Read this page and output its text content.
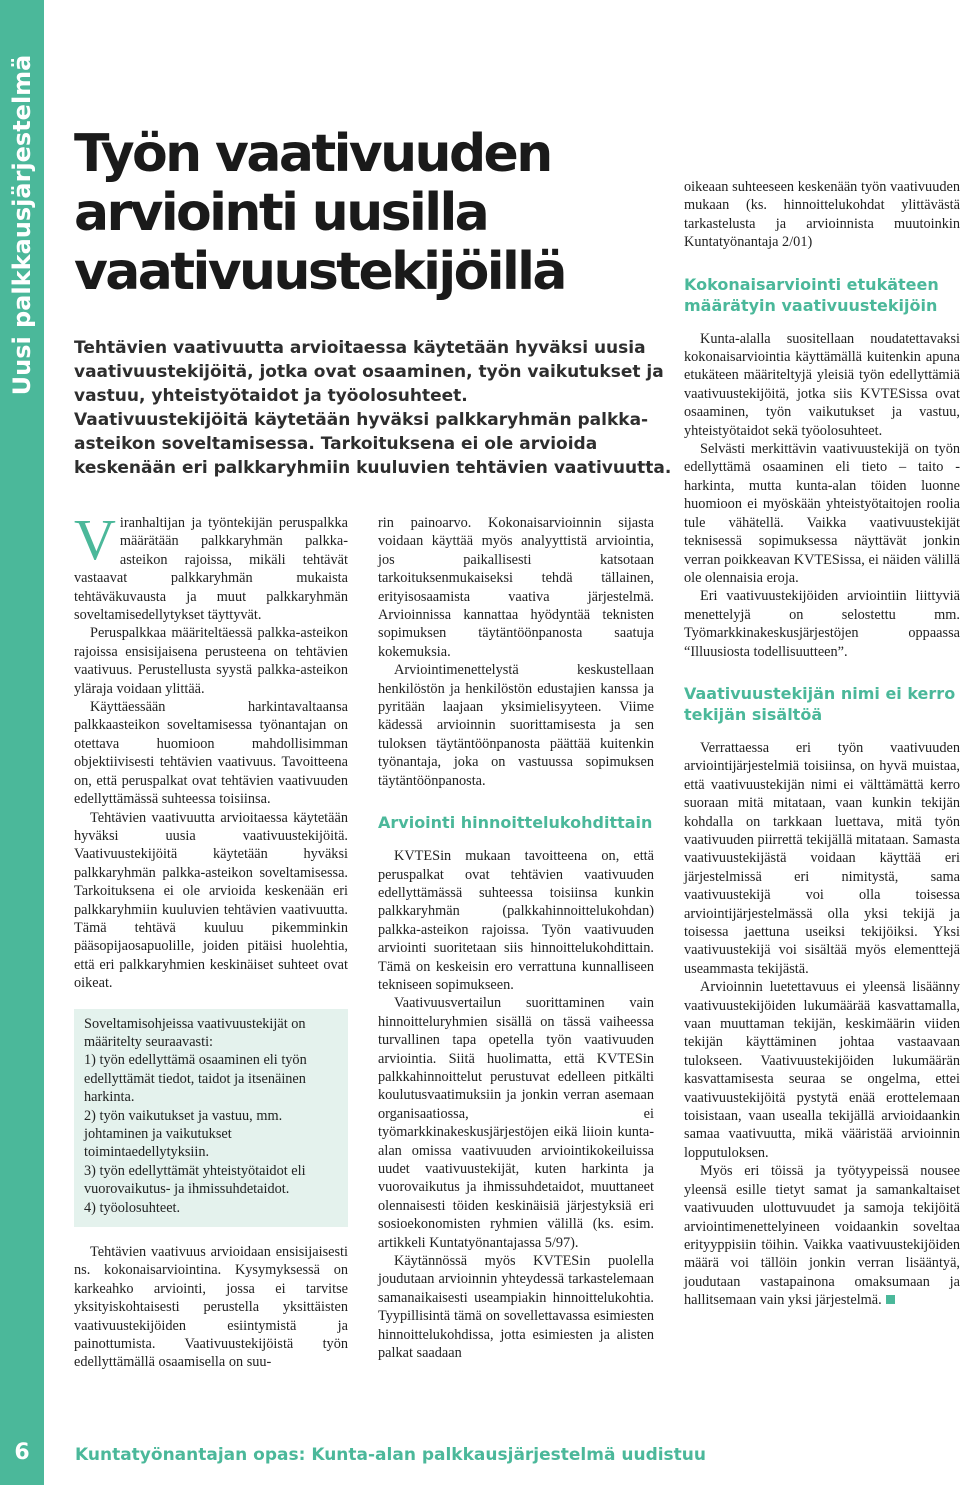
Uusi palkkausjärjestelmä
6
Työn vaativuuden arviointi uusilla vaativuustekijöillä
Tehtävien vaativuutta arvioitaessa käytetään hyväksi uusia
vaativuustekijöitä, jotka ovat osaaminen, työn vaikutukset ja
vastuu, yhteistyötaidot ja työolosuhteet.
Vaativuustekijöitä käytetään hyväksi palkkaryhmän palkka-
asteikon soveltamisessa. Tarkoituksena ei ole arvioida
keskenään eri palkkaryhmiin kuuluvien tehtävien vaativuutta.

Viranhaltijan ja työntekijän peruspalkka määrätään palkkaryhmän palkka-asteikon rajoissa, mikäli tehtävät vastaavat palkkaryhmän mukaista tehtäväkuvausta ja muut palkkaryhmän soveltamisedellytykset täyttyvät.

Peruspalkkaa määriteltäessä palkka-asteikon rajoissa ensisijaisena perusteena on tehtävien vaativuus. Perustellusta syystä palkka-asteikon yläraja voidaan ylittää.

Käyttäessään harkintavaltaansa palkkaasteikon soveltamisessa työnantajan on otettava huomioon mahdollisimman objektiivisesti tehtävien vaativuus. Tavoitteena on, että peruspalkat ovat tehtävien vaativuuden edellyttämässä suhteessa toisiinsa.

Tehtävien vaativuutta arvioitaessa käytetään hyväksi uusia vaativuustekijöitä. Vaativuustekijöitä käytetään hyväksi palkkaryhmän palkka-asteikon soveltamisessa. Tarkoituksena ei ole arvioida keskenään eri palkkaryhmiin kuuluvien tehtävien vaativuutta. Tämä tehtävä kuuluu pikemminkin pääsopijaosapuolille, joiden pitäisi huolehtia, että eri palkkaryhmien keskinäiset suhteet ovat oikeat.

Soveltamisohjeissa vaativuustekijät on määritelty seuraavasti:
1) työn edellyttämä osaaminen eli työn edellyttämät tiedot, taidot ja itsenäinen harkinta.
2) työn vaikutukset ja vastuu, mm. johtaminen ja vaikutukset toimintaedellytyksiin.
3) työn edellyttämät yhteistyötaidot eli vuorovaikutus- ja ihmissuhdetaidot.
4) työolosuhteet.

Tehtävien vaativuus arvioidaan ensisijaisesti ns. kokonaisarviointina. Kysymyksessä on karkeahko arviointi, jossa ei tarvitse yksityiskohtaisesti perustella yksittäisten vaativuustekijöiden esiintymistä ja painottumista. Vaativuustekijöistä työn edellyttämällä osaamisella on suu-

rin painoarvo. Kokonaisarvioinnin sijasta voidaan käyttää myös analyyttistä arviointia, jos paikallisesti katsotaan tarkoituksenmukaiseksi tehdä tällainen, erityisosaamista vaativa järjestelmä. Arvioinnissa kannattaa hyödyntää teknisten sopimuksen täytäntöönpanosta saatuja kokemuksia.

Arviointimenettelystä keskustellaan henkilöstön ja henkilöstön edustajien kanssa ja pyritään laajaan yksimielisyyteen. Viime kädessä arvioinnin suorittamisesta ja sen tuloksen täytäntöönpanosta päättää kuitenkin työnantaja, joka on vastuussa sopimuksen täytäntöönpanosta.

Arviointi hinnoittelukohdittain

KVTESin mukaan tavoitteena on, että peruspalkat ovat tehtävien vaativuuden edellyttämässä suhteessa toisiinsa kunkin palkkaryhmän (palkkahinnoittelukohdan) palkka-asteikon rajoissa. Työn vaativuuden arviointi suoritetaan siis hinnoittelukohdittain. Tämä on keskeisin ero verrattuna kunnalliseen tekniseen sopimukseen.

Vaativuusvertailun suorittaminen vain hinnoitteluryhmien sisällä on tässä vaiheessa turvallinen tapa opetella työn vaativuuden arviointia. Siitä huolimatta, että KVTESin palkkahinnoittelut perustuvat edelleen pitkälti koulutusvaatimuksiin ja jonkin verran asemaan organisaatiossa, ei työmarkkinakeskusjärjestöjen eikä liioin kunta-alan omissa vaativuuden arviointikokeiluissa uudet vaativuustekijät, kuten harkinta ja vuorovaikutus ja ihmissuhdetaidot, muuttaneet olennaisesti töiden keskinäisiä järjestyksiä eri sosioekonomisten ryhmien välillä (ks. esim. artikkeli Kuntatyönantajassa 5/97).

Käytännössä myös KVTESin puolella joudutaan arvioinnin yhteydessä tarkastelemaan samanaikaisesti useampiakin hinnoittelukohtia. Tyypillisintä tämä on sovellettavassa esimiesten hinnoittelukohdissa, jotta esimiesten ja alisten palkat saadaan

oikeaan suhteeseen keskenään työn vaativuuden mukaan (ks. hinnoittelukohdat ylittävästä tarkastelusta ja arvioinnista muutoinkin Kuntatyönantaja 2/01)

Kokonaisarviointi etukäteen määrätyin vaativuustekijöin

Kunta-alalla suositellaan noudatettavaksi kokonaisarviointia käyttämällä kuitenkin apuna etukäteen määriteltyjä yleisiä työn edellyttämiä vaativuustekijöitä, jotka siis KVTESissa ovat osaaminen, työn vaikutukset ja vastuu, yhteistyötaidot sekä työolosuhteet.

Selvästi merkittävin vaativuustekijä on työn edellyttämä osaaminen eli tieto – taito - harkinta, mutta kunta-alan töiden luonne huomioon ei myöskään yhteistyötaitojen roolia tule vähätellä. Vaikka vaativuustekijät teknisessä sopimuksessa näyttävät jonkin verran poikkeavan KVTESissa, ei näiden välillä ole olennaisia eroja.

Eri vaativuustekijöiden arviointiin liittyviä menettelyjä on selostettu mm. Työmarkkinakeskusjärjestöjen oppaassa “Illuusiosta todellisuutteen”.

Vaativuustekijän nimi ei kerro tekijän sisältöä

Verrattaessa eri työn vaativuuden arviointijärjestelmiä toisiinsa, on hyvä muistaa, että vaativuustekijän nimi ei välttämättä kerro suoraan mitä mitataan, vaan kunkin tekijän kohdalla on tarkkaan luettava, mitä työn vaativuuden piirrettä tekijällä mitataan. Samasta vaativuustekijästä voidaan käyttää eri järjestelmissä eri nimitystä, sama vaativuustekijä voi olla toisessa arviointijärjestelmässä olla yksi tekijä ja toisessa jaettuna useiksi tekijöiksi. Yksi vaativuustekijä voi sisältää myös elementtejä useammasta tekijästä.

Arvioinnin luetettavuus ei yleensä lisäänny vaativuustekijöiden lukumäärää kasvattamalla, vaan muuttaman tekijän, keskimäärin viiden tekijän käyttäminen johtaa vastaavaan tulokseen. Vaativuustekijöiden lukumäärän kasvattamisesta seuraa se ongelma, ettei vaativuustekijöitä pystytä enää erottelemaan toisistaan, vaan usealla tekijällä arvioidaankin samaa vaativuutta, mikä vääristää arvioinnin lopputuloksen.

Myös eri töissä ja työtyypeissä nousee yleensä esille tietyt samat ja samankaltaiset vaativuuden ulottuvuudet ja samoja tekijöitä arviointimenettelyineen voidaankin soveltaa erityyppisiin töihin. Vaikka vaativuustekijöiden määrä voi tällöin jonkin verran lisääntyä, joudutaan vastapainona omaksumaan ja hallitsemaan vain yksi järjestelmä.

Kuntatyönantajan opas: Kunta-alan palkkausjärjestelmä uudistuu
